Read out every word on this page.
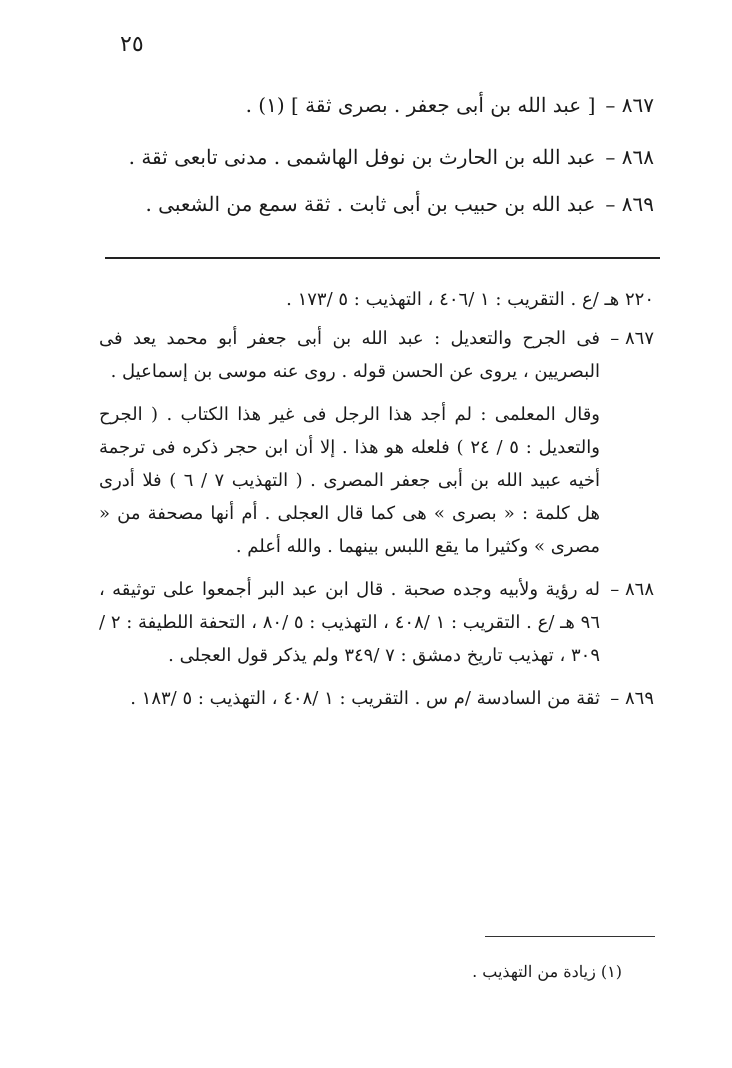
٢٥
٨٦٧ –[ عبد الله بن أبى جعفر . بصرى ثقة ] (١) .
٨٦٨ –عبد الله بن الحارث بن نوفل الهاشمى . مدنى تابعى ثقة .
٨٦٩ –عبد الله بن حبيب بن أبى ثابت . ثقة سمع من الشعبى .

٢٢٠ هـ /ع . التقريب : ١ /٤٠٦ ، التهذيب : ٥ /١٧٣ .

٨٦٧ –

فى الجرح والتعديل : عبد الله بن أبى جعفر أبو محمد يعد فى البصريين ، يروى عن الحسن قوله . روى عنه موسى بن إسماعيل .

وقال المعلمى : لم أجد هذا الرجل فى غير هذا الكتاب . ( الجرح والتعديل : ٥ / ٢٤ ) فلعله هو هذا . إلا أن ابن حجر ذكره فى ترجمة أخيه عبيد الله بن أبى جعفر المصرى . ( التهذيب ٧ / ٦ ) فلا أدرى هل كلمة : « بصرى » هى كما قال العجلى . أم أنها مصحفة من « مصرى » وكثيرا ما يقع اللبس بينهما . والله أعلم .

٨٦٨ –

له رؤية ولأبيه وجده صحبة . قال ابن عبد البر أجمعوا على توثيقه ، ٩٦ هـ /ع . التقريب : ١ /٤٠٨ ، التهذيب : ٥ /٨٠ ، التحفة اللطيفة : ٢ /٣٠٩ ، تهذيب تاريخ دمشق : ٧ /٣٤٩ ولم يذكر قول العجلى .

٨٦٩ –

ثقة من السادسة /م س . التقريب : ١ /٤٠٨ ، التهذيب : ٥ /١٨٣ .

(١) زيادة من التهذيب .
